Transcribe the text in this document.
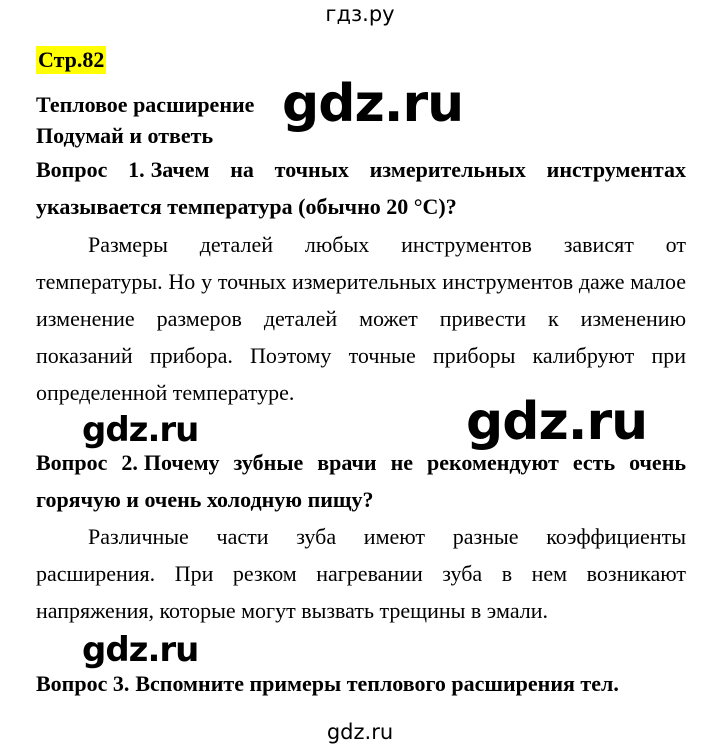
гдз.ру
Стр.82
Тепловое расширение
Подумай и ответь
gdz.ru
Вопрос 1. Зачем на точных измерительных инструментах указывается температура (обычно 20 °С)?
Размеры деталей любых инструментов зависят от температуры. Но у точных измерительных инструментов даже малое изменение размеров деталей может привести к изменению показаний прибора. Поэтому точные приборы калибруют при определенной температуре.
gdz.ru	gdz.ru
Вопрос 2. Почему зубные врачи не рекомендуют есть очень горячую и очень холодную пищу?
Различные части зуба имеют разные коэффициенты расширения. При резком нагревании зуба в нем возникают напряжения, которые могут вызвать трещины в эмали.
gdz.ru
Вопрос 3. Вспомните примеры теплового расширения тел.
gdz.ru
